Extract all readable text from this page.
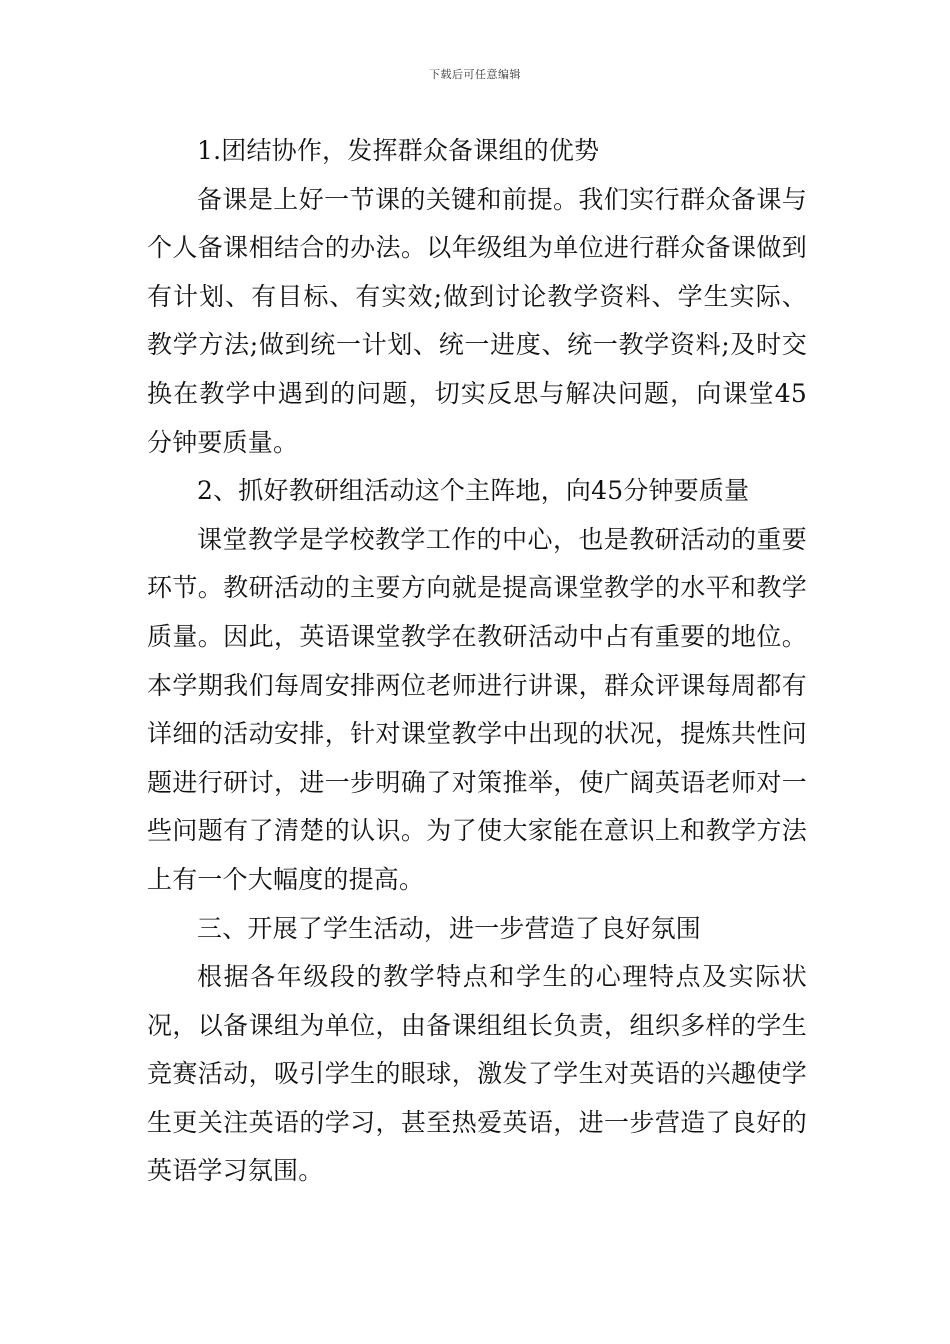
下载后可任意编辑

1.团结协作，发挥群众备课组的优势

备课是上好一节课的关键和前提。我们实行群众备课与个人备课相结合的办法。以年级组为单位进行群众备课做到有计划、有目标、有实效;做到讨论教学资料、学生实际、教学方法;做到统一计划、统一进度、统一教学资料;及时交换在教学中遇到的问题，切实反思与解决问题，向课堂45分钟要质量。

2、抓好教研组活动这个主阵地，向45分钟要质量

课堂教学是学校教学工作的中心，也是教研活动的重要环节。教研活动的主要方向就是提高课堂教学的水平和教学质量。因此，英语课堂教学在教研活动中占有重要的地位。本学期我们每周安排两位老师进行讲课，群众评课每周都有详细的活动安排，针对课堂教学中出现的状况，提炼共性问题进行研讨，进一步明确了对策推举，使广阔英语老师对一些问题有了清楚的认识。为了使大家能在意识上和教学方法上有一个大幅度的提高。

三、开展了学生活动，进一步营造了良好氛围

根据各年级段的教学特点和学生的心理特点及实际状况，以备课组为单位，由备课组组长负责，组织多样的学生竞赛活动，吸引学生的眼球，激发了学生对英语的兴趣使学生更关注英语的学习，甚至热爱英语，进一步营造了良好的英语学习氛围。
